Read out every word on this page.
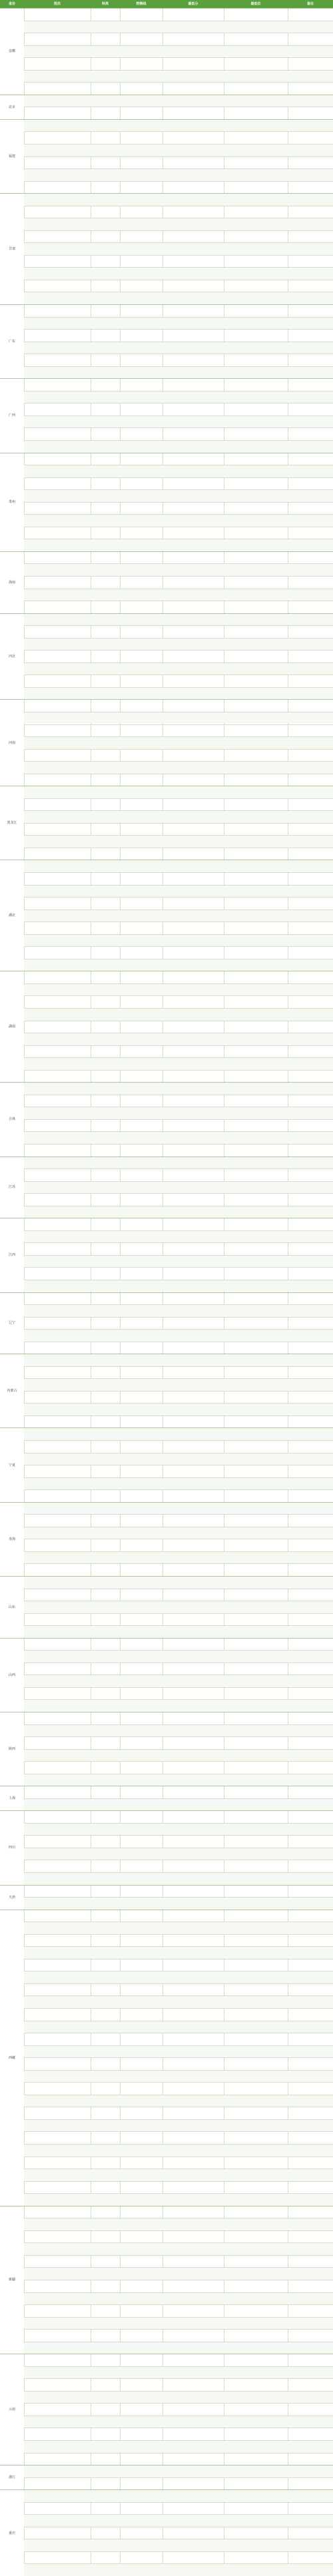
省份	批次	科类	控制线	最低分	最低位	备注
安徽
北京
福建
甘肃
广东
广西
贵州
海南
河北
河南
黑龙江
湖北
湖南
吉林
江苏
江西
辽宁
内蒙古
宁夏
青海
山东
山西
陕西
上海
四川
天津
西藏
新疆
云南
浙江
重庆
